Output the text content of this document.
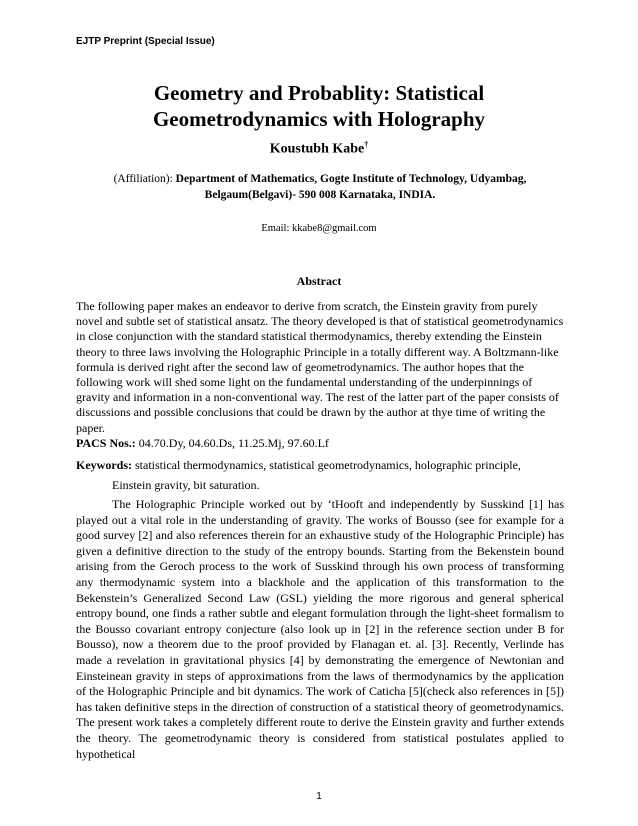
EJTP Preprint (Special Issue)
Geometry and Probablity: Statistical
Geometrodynamics with Holography
Koustubh Kabe†
(Affiliation): Department of Mathematics, Gogte Institute of Technology, Udyambag, Belgaum(Belgavi)- 590 008 Karnataka, INDIA.
Email: kkabe8@gmail.com
Abstract
The following paper makes an endeavor to derive from scratch, the Einstein gravity from purely novel and subtle set of statistical ansatz. The theory developed is that of statistical geometrodynamics in close conjunction with the standard statistical thermodynamics, thereby extending the Einstein theory to three laws involving the Holographic Principle in a totally different way. A Boltzmann-like formula is derived right after the second law of geometrodynamics. The author hopes that the following work will shed some light on the fundamental understanding of the underpinnings of gravity and information in a non-conventional way. The rest of the latter part of the paper consists of discussions and possible conclusions that could be drawn by the author at thye time of writing the paper.
PACS Nos.: 04.70.Dy, 04.60.Ds, 11.25.Mj, 97.60.Lf
Keywords: statistical thermodynamics, statistical geometrodynamics, holographic principle,
Einstein gravity, bit saturation.
The Holographic Principle worked out by ‘tHooft and independently by Susskind [1] has played out a vital role in the understanding of gravity. The works of Bousso (see for example for a good survey [2] and also references therein for an exhaustive study of the Holographic Principle) has given a definitive direction to the study of the entropy bounds. Starting from the Bekenstein bound arising from the Geroch process to the work of Susskind through his own process of transforming any thermodynamic system into a blackhole and the application of this transformation to the Bekenstein’s Generalized Second Law (GSL) yielding the more rigorous and general spherical entropy bound, one finds a rather subtle and elegant formulation through the light-sheet formalism to the Bousso covariant entropy conjecture (also look up in [2] in the reference section under B for Bousso), now a theorem due to the proof provided by Flanagan et. al. [3]. Recently, Verlinde has made a revelation in gravitational physics [4] by demonstrating the emergence of Newtonian and Einsteinean gravity in steps of approximations from the laws of thermodynamics by the application of the Holographic Principle and bit dynamics. The work of Caticha [5](check also references in [5]) has taken definitive steps in the direction of construction of a statistical theory of geometrodynamics. The present work takes a completely different route to derive the Einstein gravity and further extends the theory. The geometrodynamic theory is considered from statistical postulates applied to hypothetical
1
